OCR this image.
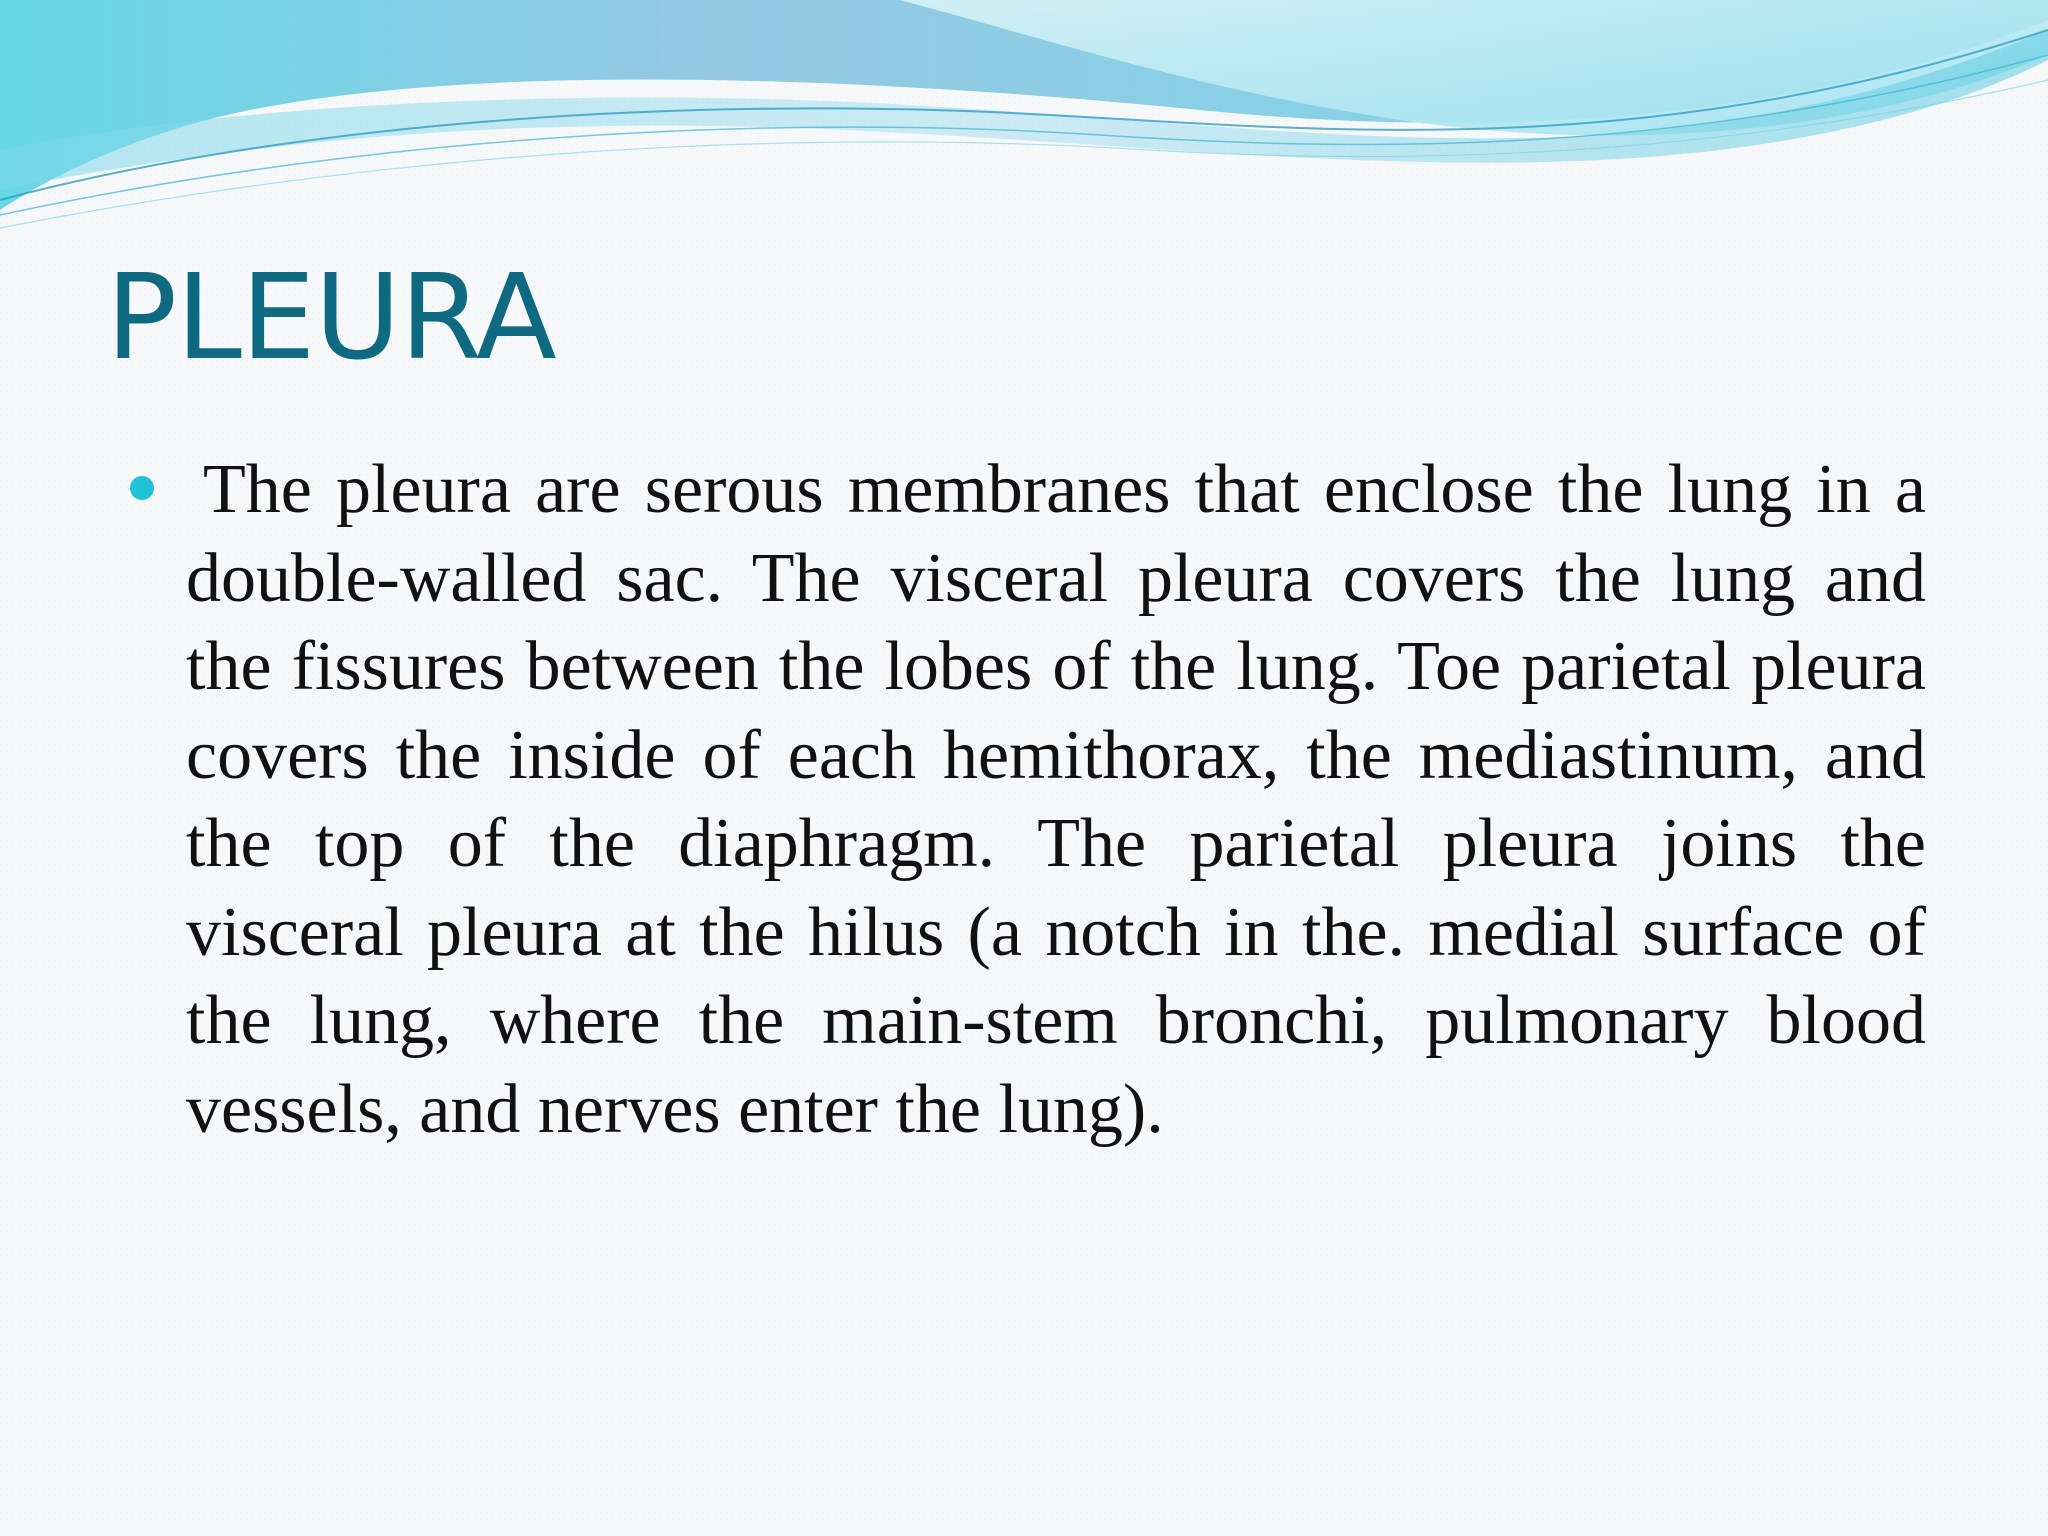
PLEURA
The pleura are serous membranes that enclose the lung in a double-walled sac. The visceral pleura covers the lung and the fissures between the lobes of the lung. Toe parietal pleura covers the inside of each hemithorax, the mediastinum, and the top of the diaphragm. The parietal pleura joins the visceral pleura at the hilus (a notch in the. medial surface of the lung, where the main-stem bronchi, pulmonary blood vessels, and nerves enter the lung).
